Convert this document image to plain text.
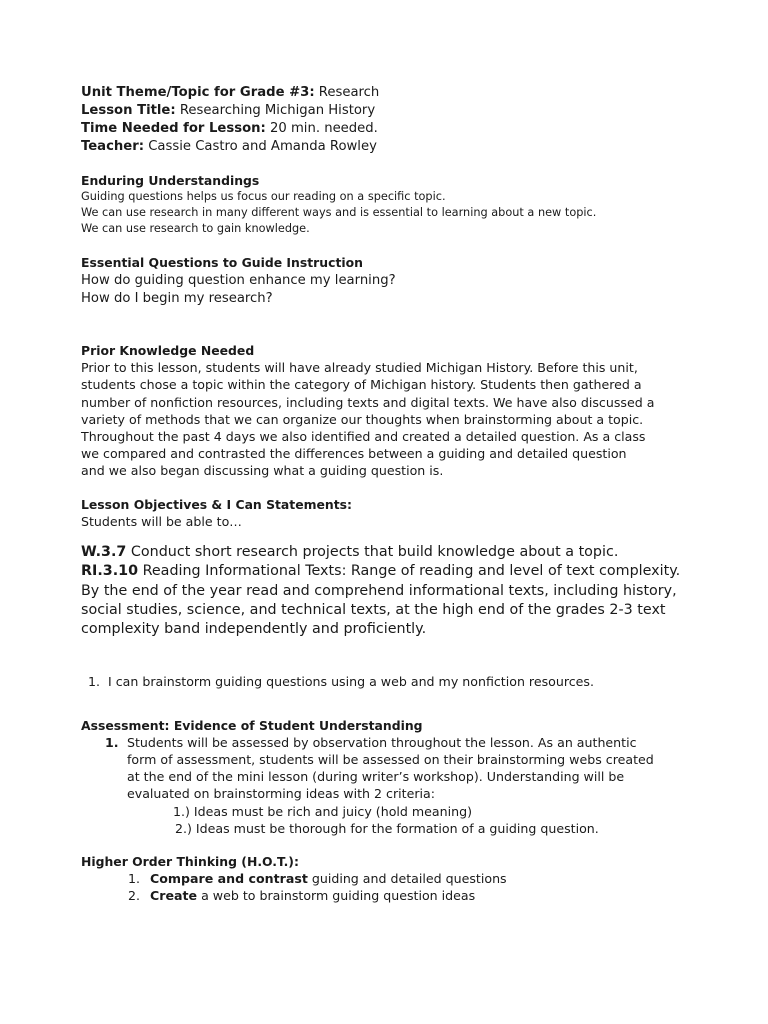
Unit Theme/Topic for Grade #3: Research
Lesson Title: Researching Michigan History
Time Needed for Lesson: 20 min. needed.
Teacher: Cassie Castro and Amanda Rowley
Enduring Understandings
Guiding questions helps us focus our reading on a specific topic.
We can use research in many different ways and is essential to learning about a new topic.
We can use research to gain knowledge.
Essential Questions to Guide Instruction
How do guiding question enhance my learning?
How do I begin my research?
Prior Knowledge Needed
Prior to this lesson, students will have already studied Michigan History. Before this unit,
students chose a topic within the category of Michigan history. Students then gathered a
number of nonfiction resources, including texts and digital texts. We have also discussed a
variety of methods that we can organize our thoughts when brainstorming about a topic.
Throughout the past 4 days we also identified and created a detailed question. As a class
we compared and contrasted the differences between a guiding and detailed question
and we also began discussing what a guiding question is.
Lesson Objectives & I Can Statements:
Students will be able to…
W.3.7 Conduct short research projects that build knowledge about a topic.
RI.3.10 Reading Informational Texts: Range of reading and level of text complexity.
By the end of the year read and comprehend informational texts, including history,
social studies, science, and technical texts, at the high end of the grades 2-3 text
complexity band independently and proficiently.
1. I can brainstorm guiding questions using a web and my nonfiction resources.
Assessment: Evidence of Student Understanding
1. Students will be assessed by observation throughout the lesson. As an authentic
form of assessment, students will be assessed on their brainstorming webs created
at the end of the mini lesson (during writer’s workshop). Understanding will be
evaluated on brainstorming ideas with 2 criteria:
1.) Ideas must be rich and juicy (hold meaning)
2.) Ideas must be thorough for the formation of a guiding question.
Higher Order Thinking (H.O.T.):
1. Compare and contrast guiding and detailed questions
2. Create a web to brainstorm guiding question ideas
